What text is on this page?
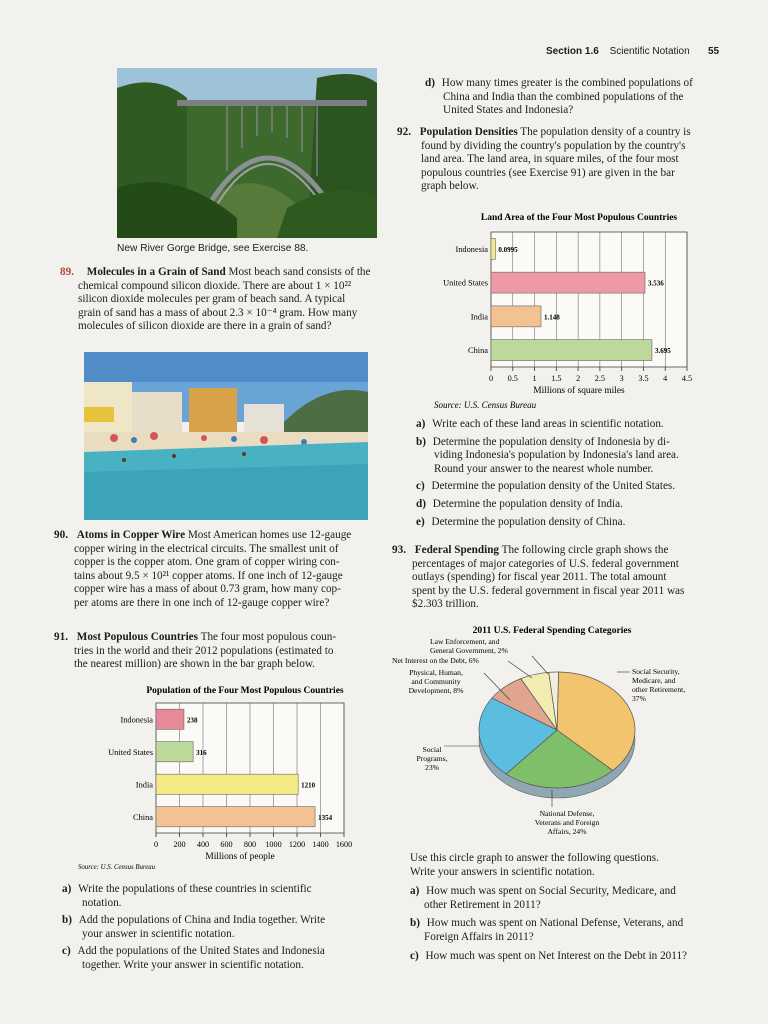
Section 1.6 Scientific Notation 55
New River Gorge Bridge, see Exercise 88.
89. Molecules in a Grain of Sand Most beach sand consists of the
chemical compound silicon dioxide. There are about 1 × 10²²
silicon dioxide molecules per gram of beach sand. A typical
grain of sand has a mass of about 2.3 × 10⁻⁴ gram. How many
molecules of silicon dioxide are there in a grain of sand?
90. Atoms in Copper Wire Most American homes use 12-gauge
copper wiring in the electrical circuits. The smallest unit of
copper is the copper atom. One gram of copper wiring con-
tains about 9.5 × 10²¹ copper atoms. If one inch of 12-gauge
copper wire has a mass of about 0.73 gram, how many cop-
per atoms are there in one inch of 12-gauge copper wire?
91. Most Populous Countries The four most populous coun-
tries in the world and their 2012 populations (estimated to
the nearest million) are shown in the bar graph below.
Population of the Four Most Populous Countries
0 200 400 600 800 1000 1200 1400 1600
Indonesia	238
United States	316
India	1210
China	1354
Millions of people
Source: U.S. Census Bureau
a) Write the populations of these countries in scientific
notation.
b) Add the populations of China and India together. Write
your answer in scientific notation.
c) Add the populations of the United States and Indonesia
together. Write your answer in scientific notation.
d) How many times greater is the combined populations of
China and India than the combined populations of the
United States and Indonesia?
92. Population Densities The population density of a country is
found by dividing the country's population by the country's
land area. The land area, in square miles, of the four most
populous countries (see Exercise 91) are given in the bar
graph below.
Land Area of the Four Most Populous Countries
0 0.5 1 1.5 2 2.5 3 3.5 4 4.5
Indonesia 0.0995
United States	3.536
India	1.148
China	3.695
Millions of square miles
Source: U.S. Census Bureau
a) Write each of these land areas in scientific notation.
b) Determine the population density of Indonesia by di-
viding Indonesia's population by Indonesia's land area.
Round your answer to the nearest whole number.
c) Determine the population density of the United States.
d) Determine the population density of India.
e) Determine the population density of China.
93. Federal Spending The following circle graph shows the
percentages of major categories of U.S. federal government
outlays (spending) for fiscal year 2011. The total amount
spent by the U.S. federal government in fiscal year 2011 was
$2.303 trillion.
2011 U.S. Federal Spending Categories
Social Security, Medicare, and other Retirement, 37%
National Defense, Veterans and Foreign Affairs, 24%
Social Programs, 23%
Physical, Human, and Community Development, 8%
Net Interest on the Debt, 6%
Law Enforcement, and General Government, 2%
Use this circle graph to answer the following questions.
Write your answers in scientific notation.
a) How much was spent on Social Security, Medicare, and
other Retirement in 2011?
b) How much was spent on National Defense, Veterans, and
Foreign Affairs in 2011?
c) How much was spent on Net Interest on the Debt in 2011?
